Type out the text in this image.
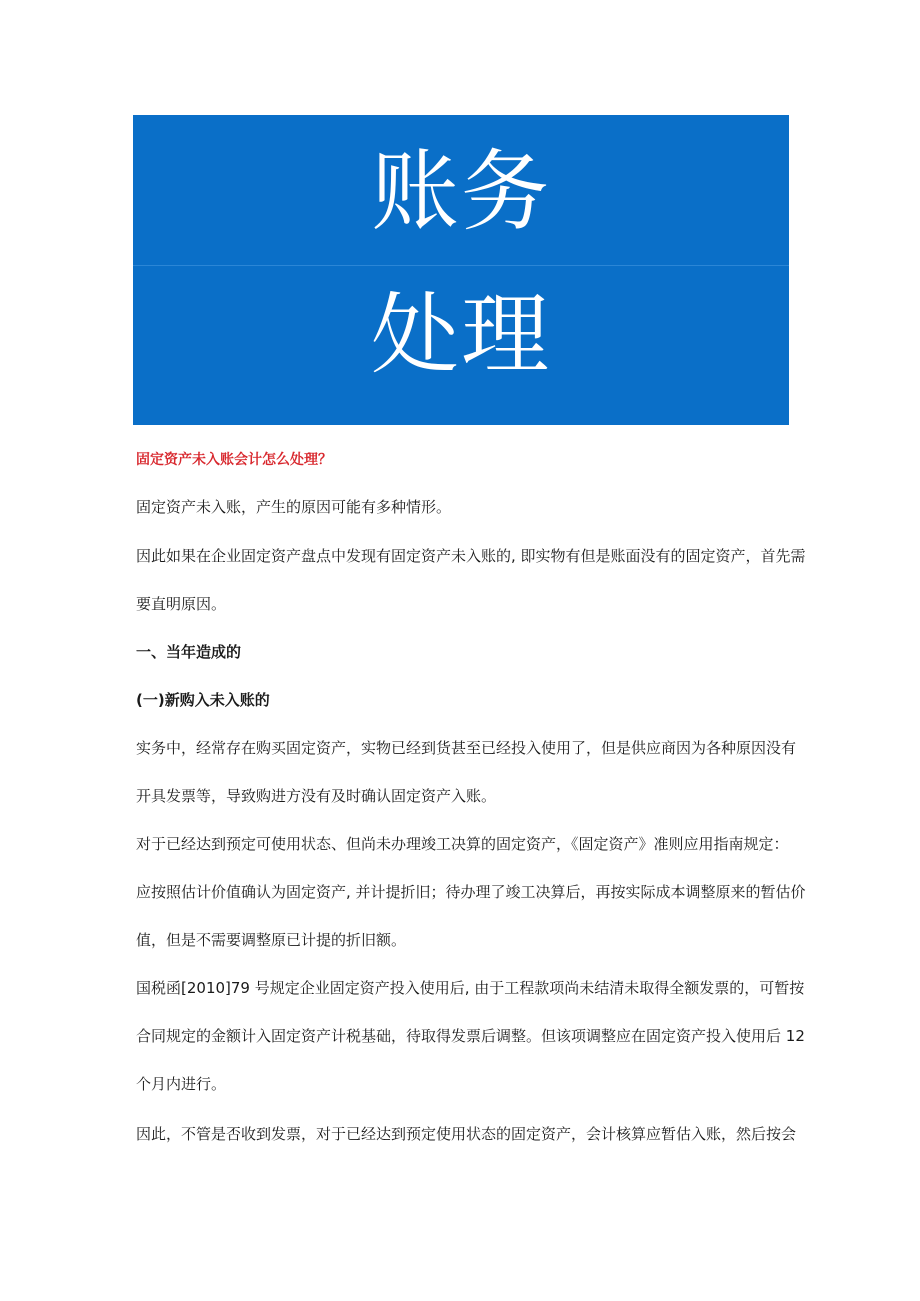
账务
处理
固定资产未入账会计怎么处理？
固定资产未入账，产生的原因可能有多种情形。
因此如果在企业固定资产盘点中发现有固定资产未入账的, 即实物有但是账面没有的固定资产，首先需
要直明原因。
一、当年造成的
(一)新购入未入账的
实务中，经常存在购买固定资产，实物已经到货甚至已经投入使用了，但是供应商因为各种原因没有
开具发票等，导致购进方没有及时确认固定资产入账。
对于已经达到预定可使用状态、但尚未办理竣工决算的固定资产，《固定资产》准则应用指南规定：
应按照估计价值确认为固定资产, 并计提折旧；待办理了竣工决算后，再按实际成本调整原来的暂估价
值，但是不需要调整原已计提的折旧额。
国税函[2010]79 号规定企业固定资产投入使用后, 由于工程款项尚未结清未取得全额发票的，可暂按
合同规定的金额计入固定资产计税基础，待取得发票后调整。但该项调整应在固定资产投入使用后 12
个月内进行。
因此，不管是否收到发票，对于已经达到预定使用状态的固定资产，会计核算应暂估入账，然后按会
